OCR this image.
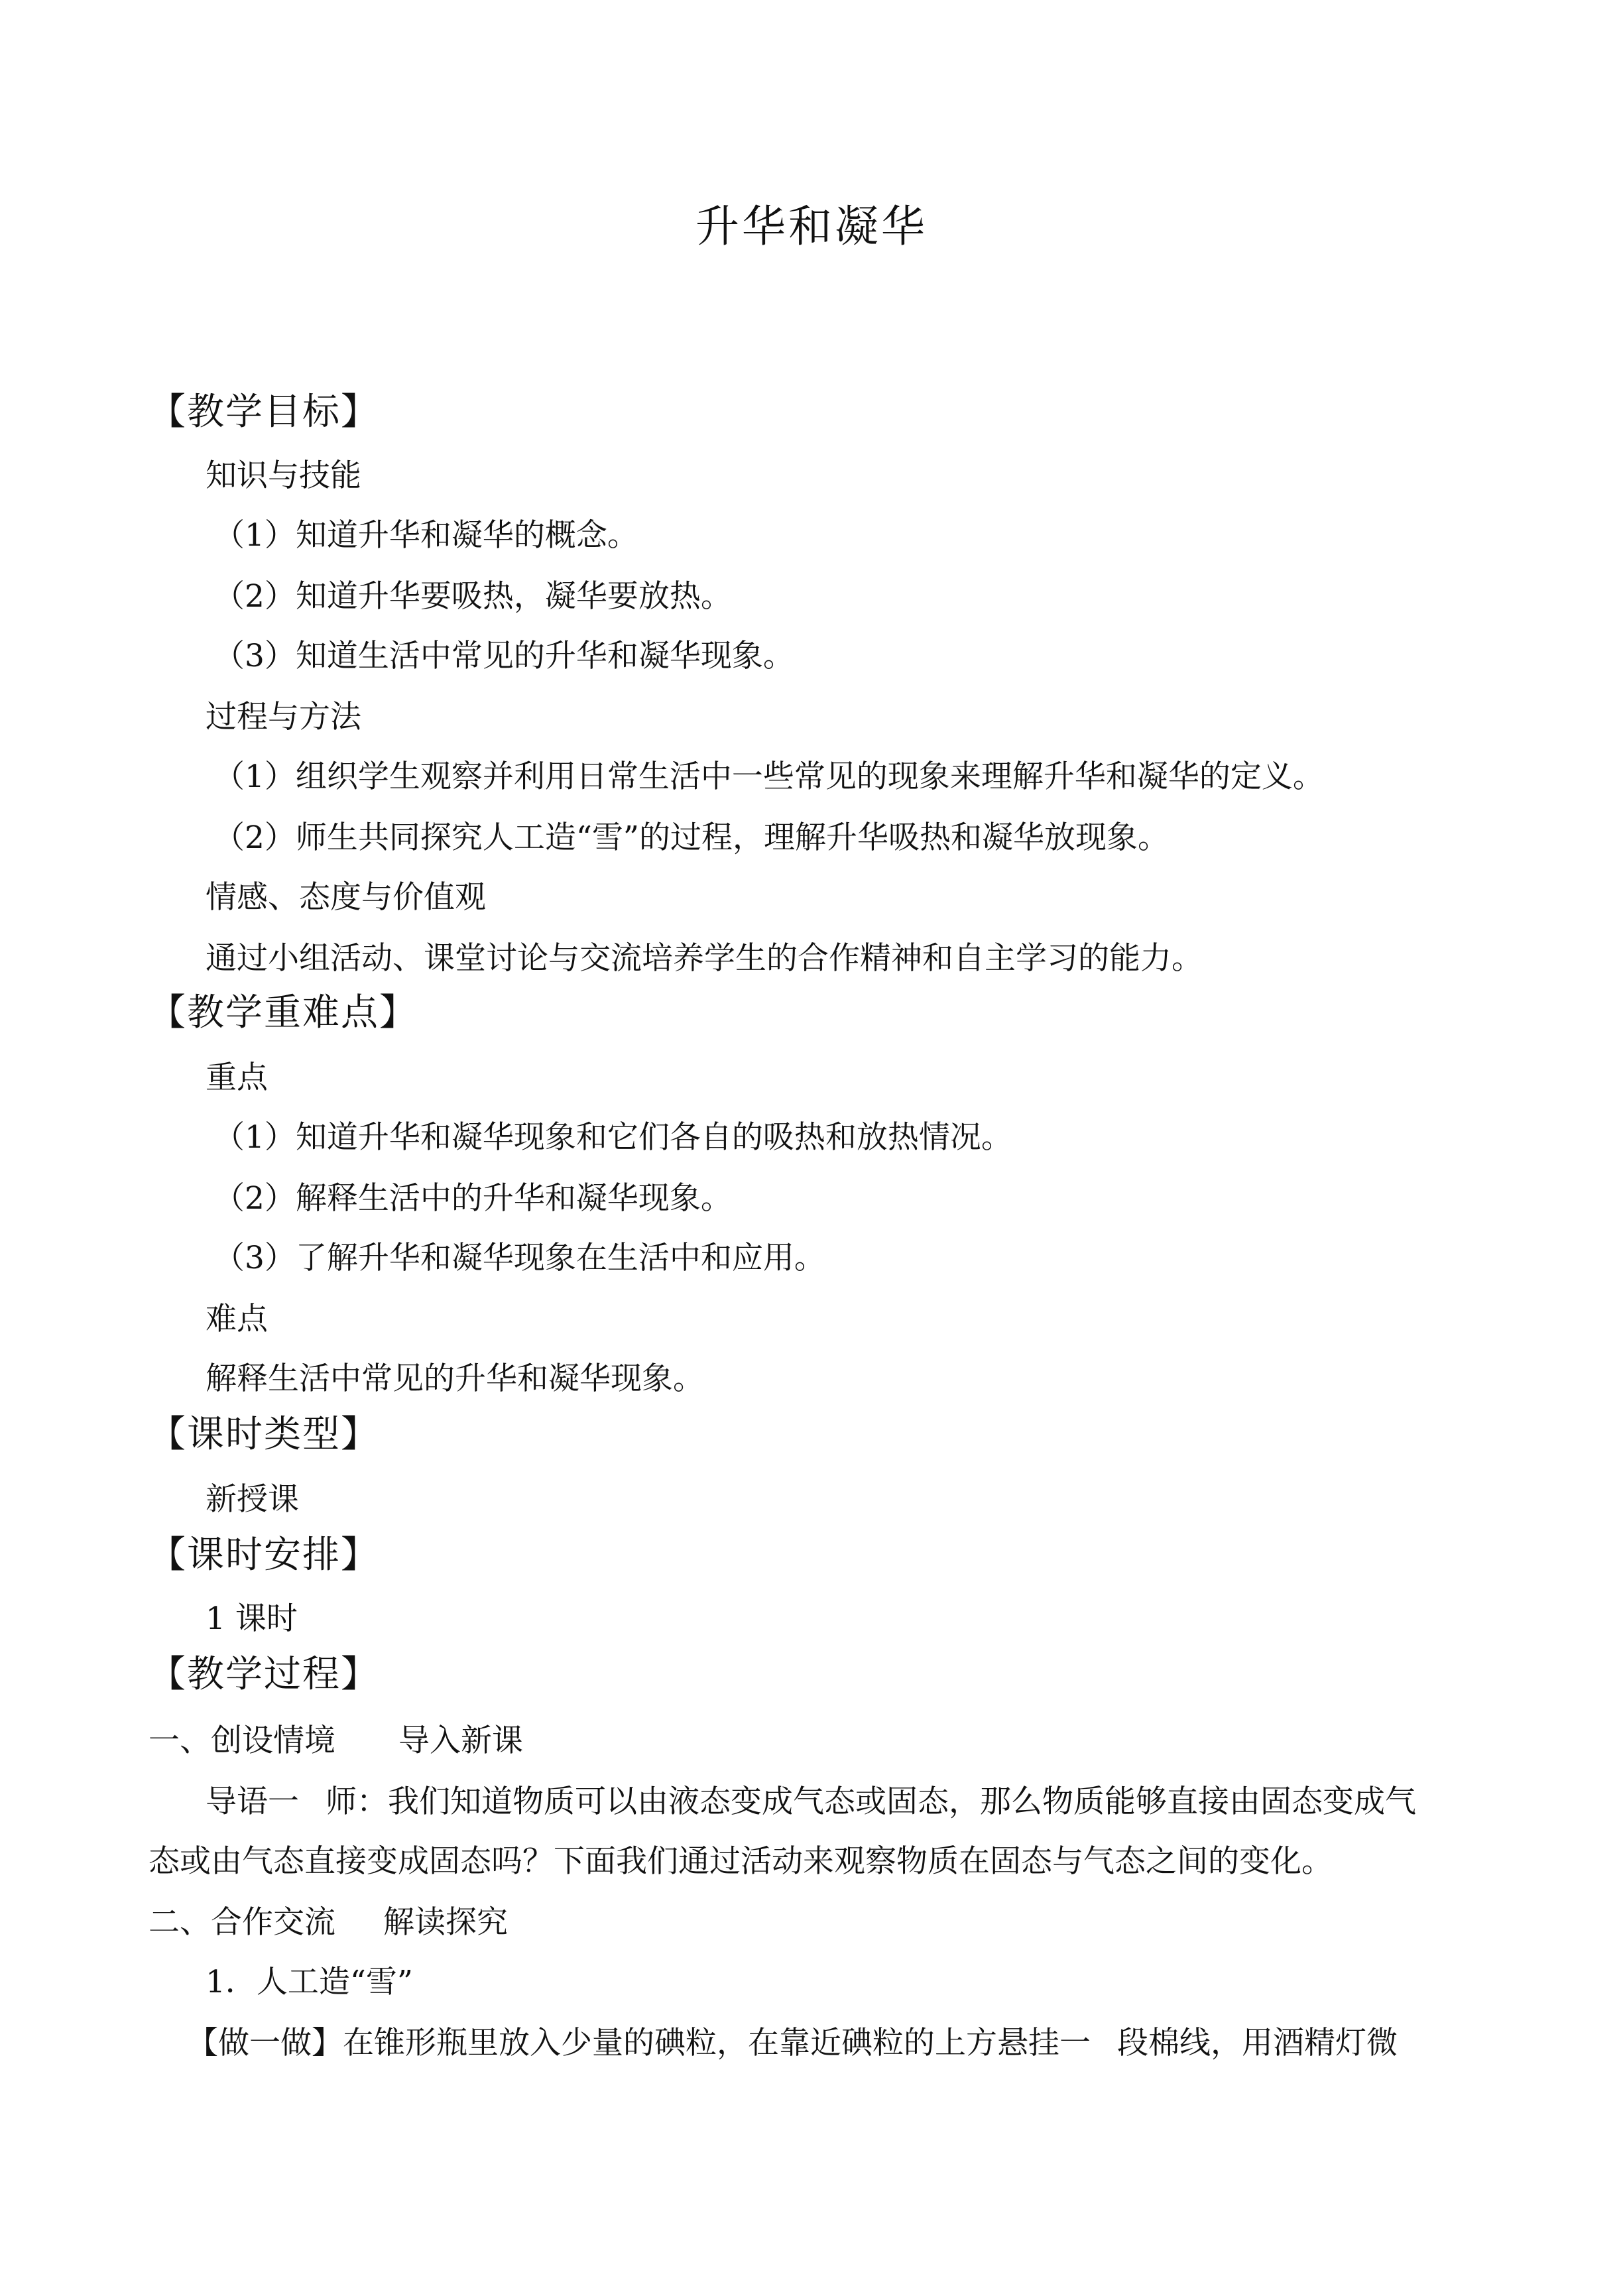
升华和凝华
【教学目标】
知识与技能
（1）知道升华和凝华的概念。
（2）知道升华要吸热，凝华要放热。
（3）知道生活中常见的升华和凝华现象。
过程与方法
（1）组织学生观察并利用日常生活中一些常见的现象来理解升华和凝华的定义。
（2）师生共同探究人工造“雪”的过程，理解升华吸热和凝华放现象。
情感、态度与价值观
通过小组活动、课堂讨论与交流培养学生的合作精神和自主学习的能力。
【教学重难点】
重点
（1）知道升华和凝华现象和它们各自的吸热和放热情况。
（2）解释生活中的升华和凝华现象。
（3）了解升华和凝华现象在生活中和应用。
难点
解释生活中常见的升华和凝华现象。
【课时类型】
新授课
【课时安排】
1 课时
【教学过程】
一、创设情境 导入新课
导语一 师：我们知道物质可以由液态变成气态或固态，那么物质能够直接由固态变成气
态或由气态直接变成固态吗？下面我们通过活动来观察物质在固态与气态之间的变化。
二、合作交流 解读探究
1．人工造“雪”
【做一做】在锥形瓶里放入少量的碘粒，在靠近碘粒的上方悬挂一 段棉线，用酒精灯微
